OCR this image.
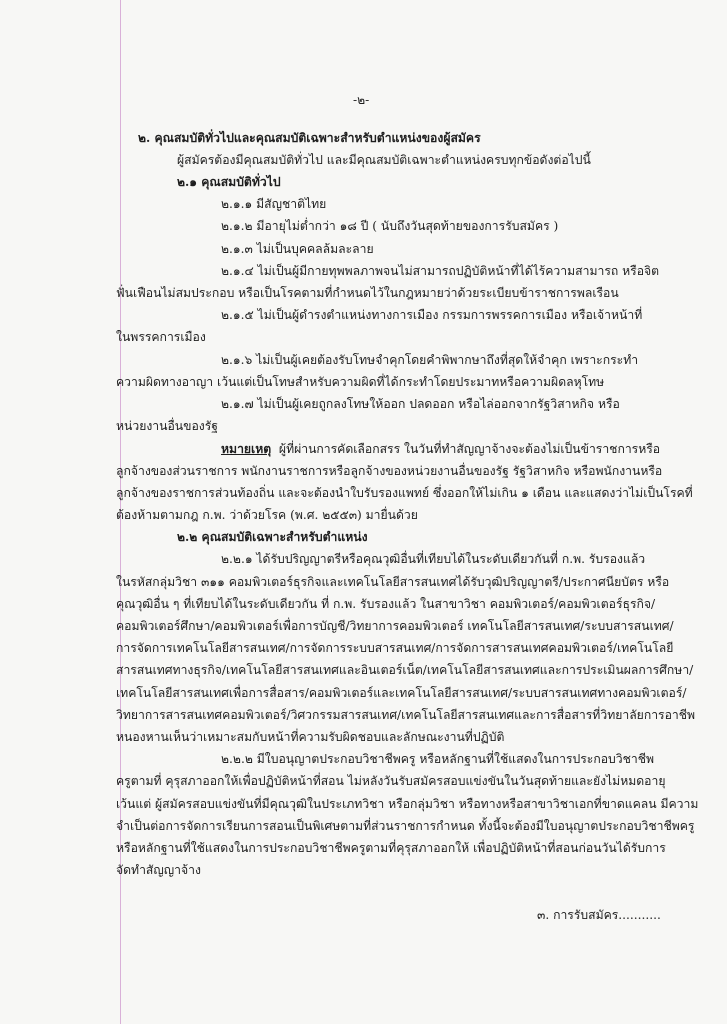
-๒-
๒. คุณสมบัติทั่วไปและคุณสมบัติเฉพาะสำหรับตำแหน่งของผู้สมัคร
ผู้สมัครต้องมีคุณสมบัติทั่วไป และมีคุณสมบัติเฉพาะตำแหน่งครบทุกข้อดังต่อไปนี้
๒.๑ คุณสมบัติทั่วไป
๒.๑.๑ มีสัญชาติไทย
๒.๑.๒ มีอายุไม่ต่ำกว่า ๑๘ ปี ( นับถึงวันสุดท้ายของการรับสมัคร )
๒.๑.๓ ไม่เป็นบุคคลล้มละลาย
๒.๑.๔ ไม่เป็นผู้มีกายทุพพลภาพจนไม่สามารถปฏิบัติหน้าที่ได้ไร้ความสามารถ หรือจิต
ฟั่นเฟือนไม่สมประกอบ หรือเป็นโรคตามที่กำหนดไว้ในกฎหมายว่าด้วยระเบียบข้าราชการพลเรือน
๒.๑.๕ ไม่เป็นผู้ดำรงตำแหน่งทางการเมือง กรรมการพรรคการเมือง หรือเจ้าหน้าที่
ในพรรคการเมือง
๒.๑.๖ ไม่เป็นผู้เคยต้องรับโทษจำคุกโดยคำพิพากษาถึงที่สุดให้จำคุก เพราะกระทำ
ความผิดทางอาญา เว้นแต่เป็นโทษสำหรับความผิดที่ได้กระทำโดยประมาทหรือความผิดลหุโทษ
๒.๑.๗ ไม่เป็นผู้เคยถูกลงโทษให้ออก ปลดออก หรือไล่ออกจากรัฐวิสาหกิจ หรือ
หน่วยงานอื่นของรัฐ
หมายเหตุ ผู้ที่ผ่านการคัดเลือกสรร ในวันที่ทำสัญญาจ้างจะต้องไม่เป็นข้าราชการหรือ
ลูกจ้างของส่วนราชการ พนักงานราชการหรือลูกจ้างของหน่วยงานอื่นของรัฐ รัฐวิสาหกิจ หรือพนักงานหรือ
ลูกจ้างของราชการส่วนท้องถิ่น และจะต้องนำใบรับรองแพทย์ ซึ่งออกให้ไม่เกิน ๑ เดือน และแสดงว่าไม่เป็นโรคที่
ต้องห้ามตามกฎ ก.พ. ว่าด้วยโรค (พ.ศ. ๒๕๕๓) มายื่นด้วย
๒.๒ คุณสมบัติเฉพาะสำหรับตำแหน่ง
๒.๒.๑ ได้รับปริญญาตรีหรือคุณวุฒิอื่นที่เทียบได้ในระดับเดียวกันที่ ก.พ. รับรองแล้ว
ในรหัสกลุ่มวิชา ๓๑๑ คอมพิวเตอร์ธุรกิจและเทคโนโลยีสารสนเทศได้รับวุฒิปริญญาตรี/ประกาศนียบัตร หรือ
คุณวุฒิอื่น ๆ ที่เทียบได้ในระดับเดียวกัน ที่ ก.พ. รับรองแล้ว ในสาขาวิชา คอมพิวเตอร์/คอมพิวเตอร์ธุรกิจ/
คอมพิวเตอร์ศึกษา/คอมพิวเตอร์เพื่อการบัญชี/วิทยาการคอมพิวเตอร์ เทคโนโลยีสารสนเทศ/ระบบสารสนเทศ/
การจัดการเทคโนโลยีสารสนเทศ/การจัดการระบบสารสนเทศ/การจัดการสารสนเทศคอมพิวเตอร์/เทคโนโลยี
สารสนเทศทางธุรกิจ/เทคโนโลยีสารสนเทศและอินเตอร์เน็ต/เทคโนโลยีสารสนเทศและการประเมินผลการศึกษา/
เทคโนโลยีสารสนเทศเพื่อการสื่อสาร/คอมพิวเตอร์และเทคโนโลยีสารสนเทศ/ระบบสารสนเทศทางคอมพิวเตอร์/
วิทยาการสารสนเทศคอมพิวเตอร์/วิศวกรรมสารสนเทศ/เทคโนโลยีสารสนเทศและการสื่อสารที่วิทยาลัยการอาชีพ
หนองหานเห็นว่าเหมาะสมกับหน้าที่ความรับผิดชอบและลักษณะงานที่ปฏิบัติ
๒.๒.๒ มีใบอนุญาตประกอบวิชาชีพครู หรือหลักฐานที่ใช้แสดงในการประกอบวิชาชีพ
ครูตามที่ คุรุสภาออกให้เพื่อปฏิบัติหน้าที่สอน ไม่หลังวันรับสมัครสอบแข่งขันในวันสุดท้ายและยังไม่หมดอายุ
เว้นแต่ ผู้สมัครสอบแข่งขันที่มีคุณวุฒิในประเภทวิชา หรือกลุ่มวิชา หรือทางหรือสาขาวิชาเอกที่ขาดแคลน มีความ
จำเป็นต่อการจัดการเรียนการสอนเป็นพิเศษตามที่ส่วนราชการกำหนด ทั้งนี้จะต้องมีใบอนุญาตประกอบวิชาชีพครู
หรือหลักฐานที่ใช้แสดงในการประกอบวิชาชีพครูตามที่คุรุสภาออกให้ เพื่อปฏิบัติหน้าที่สอนก่อนวันได้รับการ
จัดทำสัญญาจ้าง
๓. การรับสมัคร...........
